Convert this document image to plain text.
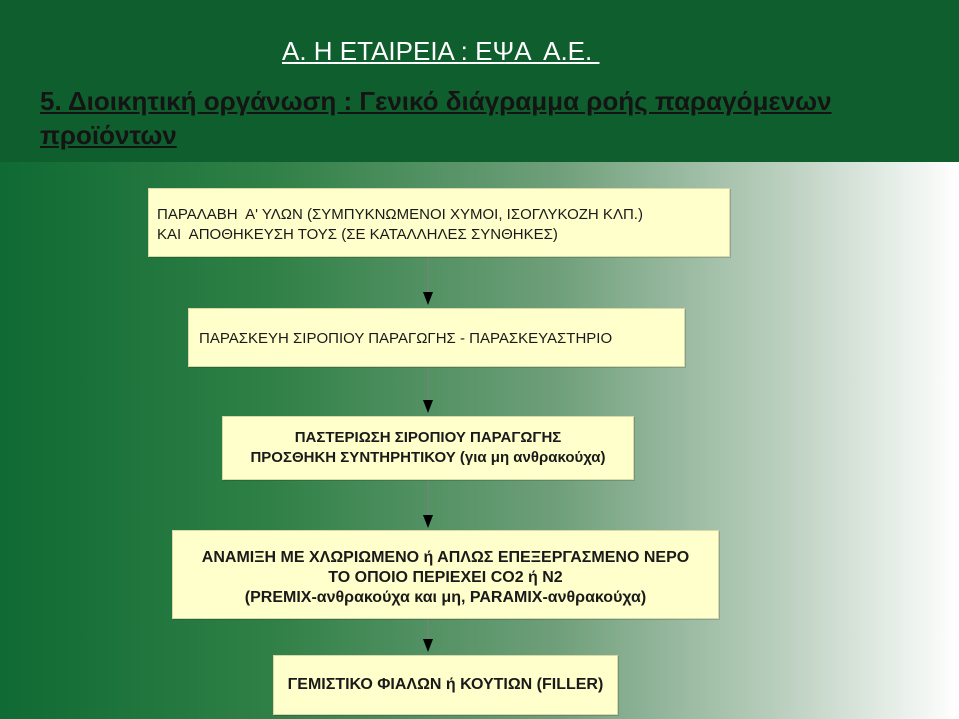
Α. Η ΕΤΑΙΡΕΙΑ : ΕΨΑ  Α.Ε.
5. Διοικητική οργάνωση : Γενικό διάγραμμα ροής παραγόμενων προϊόντων
ΠΑΡΑΛΑΒΗ  Α' ΥΛΩΝ (ΣΥΜΠΥΚΝΩΜΕΝΟΙ ΧΥΜΟΙ, ΙΣΟΓΛΥΚΟΖΗ ΚΛΠ.)
ΚΑΙ  ΑΠΟΘΗΚΕΥΣΗ ΤΟΥΣ (ΣΕ ΚΑΤΑΛΛΗΛΕΣ ΣΥΝΘΗΚΕΣ)
ΠΑΡΑΣΚΕΥΗ ΣΙΡΟΠΙΟΥ ΠΑΡΑΓΩΓΗΣ - ΠΑΡΑΣΚΕΥΑΣΤΗΡΙΟ
ΠΑΣΤΕΡΙΩΣΗ ΣΙΡΟΠΙΟΥ ΠΑΡΑΓΩΓΗΣ
ΠΡΟΣΘΗΚΗ ΣΥΝΤΗΡΗΤΙΚΟΥ (για μη ανθρακούχα)
ΑΝΑΜΙΞΗ ΜΕ ΧΛΩΡΙΩΜΕΝΟ ή ΑΠΛΩΣ ΕΠΕΞΕΡΓΑΣΜΕΝΟ ΝΕΡΟ
ΤΟ ΟΠΟΙΟ ΠΕΡΙΕΧΕΙ CO2 ή Ν2
(PREMIX-ανθρακούχα και μη, PARAMIX-ανθρακούχα)
ΓΕΜΙΣΤΙΚΟ ΦΙΑΛΩΝ ή ΚΟΥΤΙΩΝ (FILLER)
